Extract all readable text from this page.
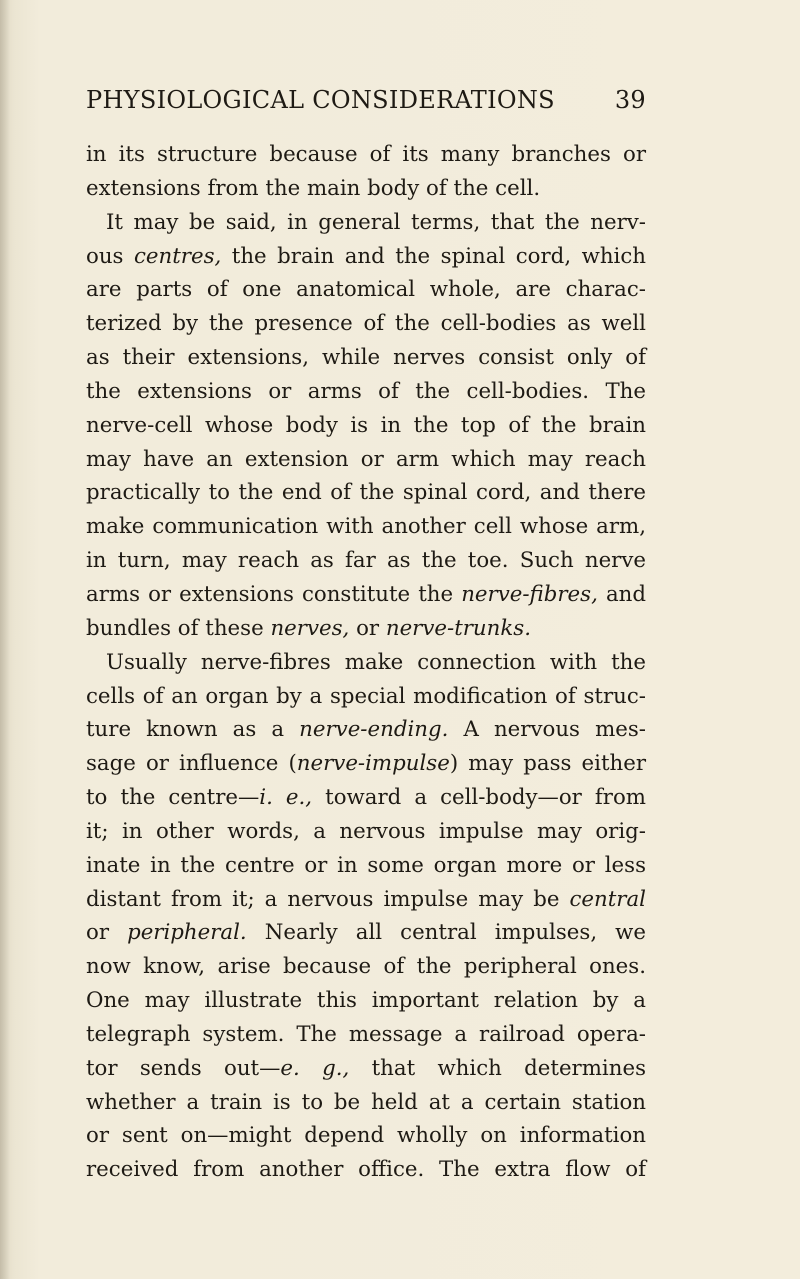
PHYSIOLOGICAL CONSIDERATIONS 39
in its structure because of its many branches or
extensions from the main body of the cell.
It may be said, in general terms, that the nerv-
ous centres, the brain and the spinal cord, which
are parts of one anatomical whole, are charac-
terized by the presence of the cell-bodies as well
as their extensions, while nerves consist only of
the extensions or arms of the cell-bodies. The
nerve-cell whose body is in the top of the brain
may have an extension or arm which may reach
practically to the end of the spinal cord, and there
make communication with another cell whose arm,
in turn, may reach as far as the toe. Such nerve
arms or extensions constitute the nerve-fibres, and
bundles of these nerves, or nerve-trunks.
Usually nerve-fibres make connection with the
cells of an organ by a special modification of struc-
ture known as a nerve-ending. A nervous mes-
sage or influence (nerve-impulse) may pass either
to the centre—i. e., toward a cell-body—or from
it; in other words, a nervous impulse may orig-
inate in the centre or in some organ more or less
distant from it; a nervous impulse may be central
or peripheral. Nearly all central impulses, we
now know, arise because of the peripheral ones.
One may illustrate this important relation by a
telegraph system. The message a railroad opera-
tor sends out—e. g., that which determines
whether a train is to be held at a certain station
or sent on—might depend wholly on information
received from another office. The extra flow of
